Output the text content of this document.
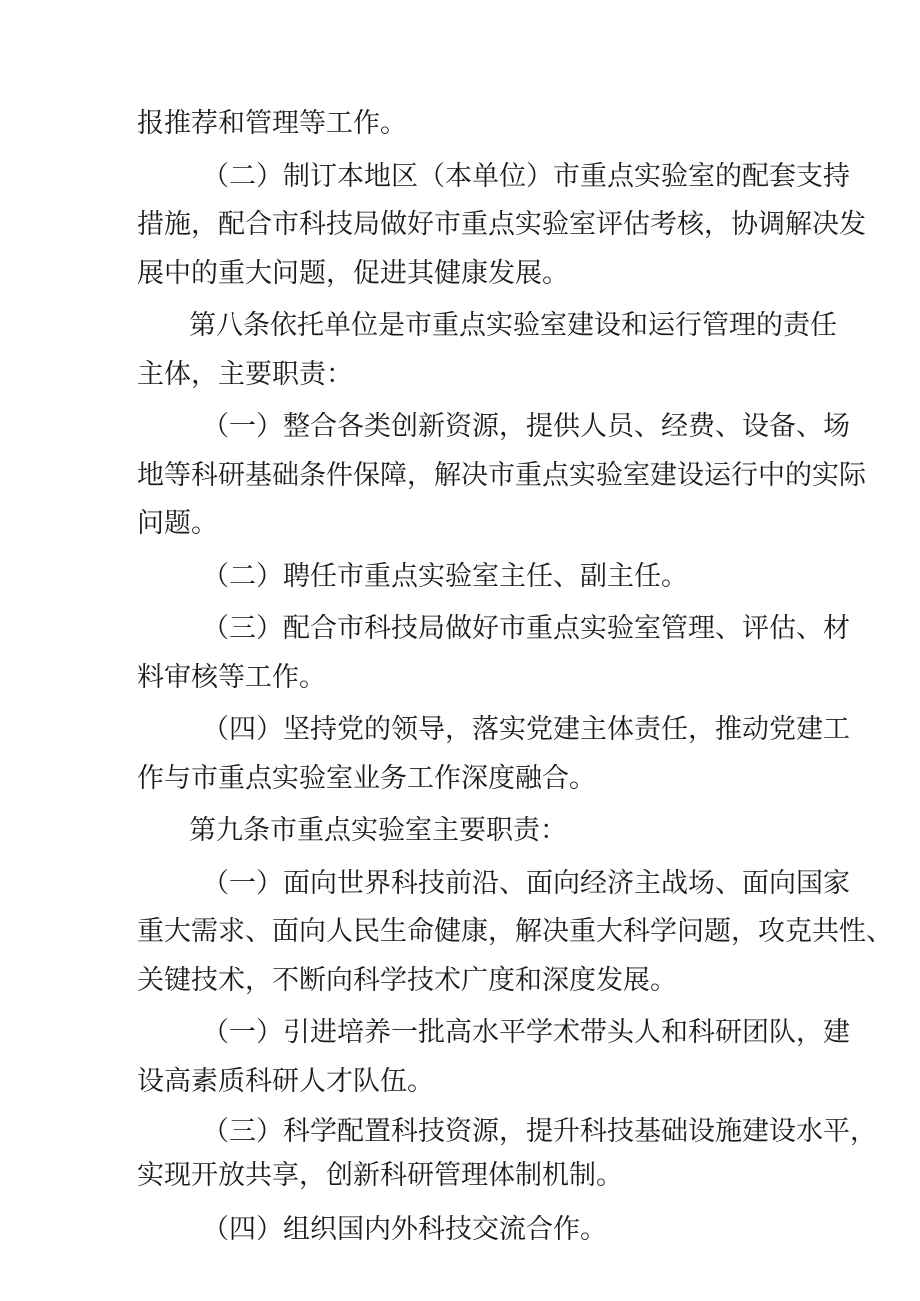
报推荐和管理等工作。

（二）制订本地区（本单位）市重点实验室的配套支持
措施，配合市科技局做好市重点实验室评估考核，协调解决发
展中的重大问题，促进其健康发展。

第八条依托单位是市重点实验室建设和运行管理的责任
主体，主要职责：

（一）整合各类创新资源，提供人员、经费、设备、场
地等科研基础条件保障，解决市重点实验室建设运行中的实际
问题。

（二）聘任市重点实验室主任、副主任。

（三）配合市科技局做好市重点实验室管理、评估、材
料审核等工作。

（四）坚持党的领导，落实党建主体责任，推动党建工
作与市重点实验室业务工作深度融合。

第九条市重点实验室主要职责：

（一）面向世界科技前沿、面向经济主战场、面向国家
重大需求、面向人民生命健康，解决重大科学问题，攻克共性、
关键技术，不断向科学技术广度和深度发展。

（一）引进培养一批高水平学术带头人和科研团队，建
设高素质科研人才队伍。

（三）科学配置科技资源，提升科技基础设施建设水平，
实现开放共享，创新科研管理体制机制。

（四）组织国内外科技交流合作。
